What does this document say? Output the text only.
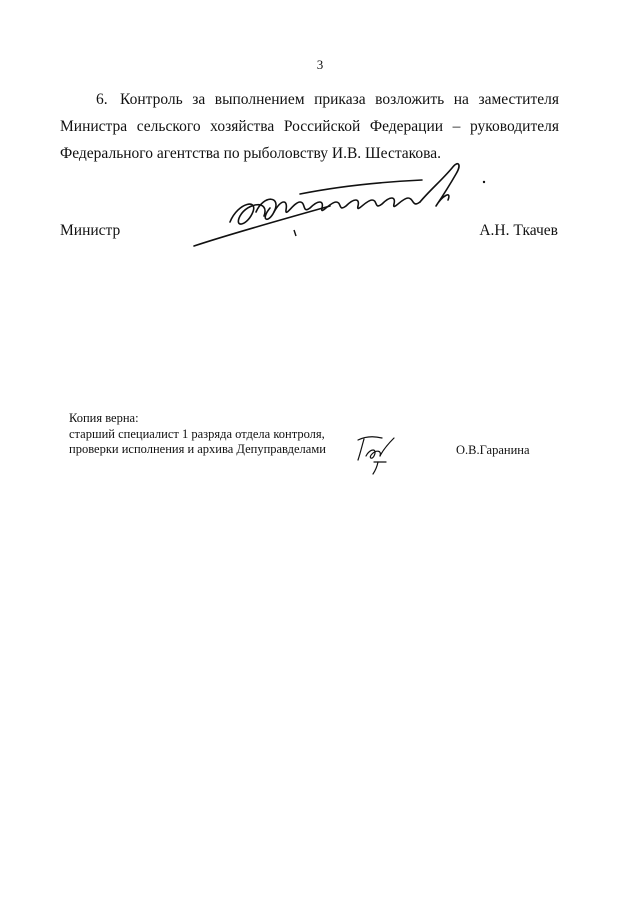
3
6. Контроль за выполнением приказа возложить на заместителя Министра сельского хозяйства Российской Федерации – руководителя Федерального агентства по рыболовству И.В. Шестакова.
Министр	А.Н. Ткачев
Копия верна:
старший специалист 1 разряда отдела контроля,
проверки исполнения и архива Депуправделами	О.В.Гаранина
